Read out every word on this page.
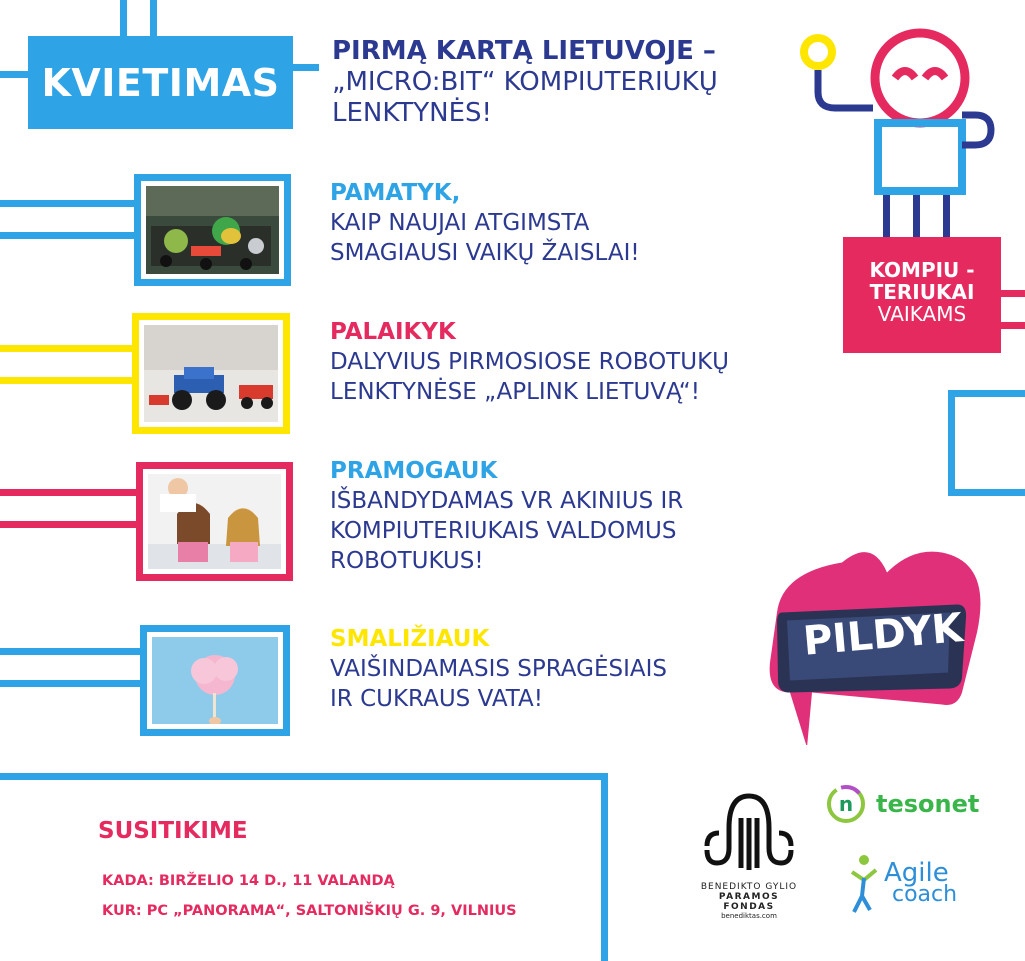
KVIETIMAS
PIRMĄ KARTĄ LIETUVOJE –
„MICRO:BIT“ KOMPIUTERIUKŲ
LENKTYNĖS!
PAMATYK,
KAIP NAUJAI ATGIMSTA
SMAGIAUSI VAIKŲ ŽAISLAI!
PALAIKYK
DALYVIUS PIRMOSIOSE ROBOTUKŲ
LENKTYNĖSE „APLINK LIETUVĄ“!
PRAMOGAUK
IŠBANDYDAMAS VR AKINIUS IR
KOMPIUTERIUKAIS VALDOMUS
ROBOTUKUS!
SMALIŽIAUK
VAIŠINDAMASIS SPRAGĖSIAIS
IR CUKRAUS VATA!
KOMPIU -
TERIUKAI
VAIKAMS
PILDYK
SUSITIKIME
KADA: BIRŽELIO 14 D., 11 VALANDĄ
KUR: PC „PANORAMA“, SALTONIŠKIŲ G. 9, VILNIUS
BENEDIKTO GYLIO
PARAMOS FONDAS
benediktas.com
n tesonet
Agile
coach
